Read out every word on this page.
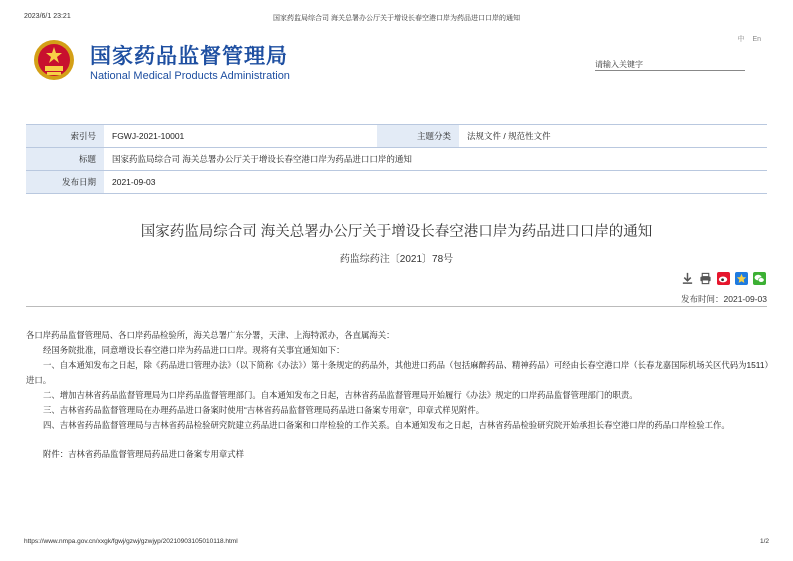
2023/6/1 23:21	国家药监局综合司 海关总署办公厅关于增设长春空港口岸为药品进口口岸的通知
国家药品监督管理局
National Medical Products Administration
中 En
请输入关键字
索引号	FGWJ-2021-10001	主题分类	法规文件 / 规范性文件
标题	国家药监局综合司 海关总署办公厅关于增设长春空港口岸为药品进口口岸的通知		
发布日期	2021-09-03		
国家药监局综合司 海关总署办公厅关于增设长春空港口岸为药品进口口岸的通知
药监综药注〔2021〕78号
发布时间：2021-09-03

各口岸药品监督管理局、各口岸药品检验所，海关总署广东分署，天津、上海特派办，各直属海关：

经国务院批准，同意增设长春空港口岸为药品进口口岸。现将有关事宜通知如下：

一、自本通知发布之日起，除《药品进口管理办法》（以下简称《办法》）第十条规定的药品外，其他进口药品（包括麻醉药品、精神药品）可经由长春空港口岸（长春龙嘉国际机场关区代码为1511）进口。

二、增加吉林省药品监督管理局为口岸药品监督管理部门。自本通知发布之日起，吉林省药品监督管理局开始履行《办法》规定的口岸药品监督管理部门的职责。

三、吉林省药品监督管理局在办理药品进口备案时使用“吉林省药品监督管理局药品进口备案专用章”，印章式样见附件。

四、吉林省药品监督管理局与吉林省药品检验研究院建立药品进口备案和口岸检验的工作关系。自本通知发布之日起，吉林省药品检验研究院开始承担长春空港口岸的药品口岸检验工作。

附件：吉林省药品监督管理局药品进口备案专用章式样

https://www.nmpa.gov.cn/xxgk/fgwj/gzwj/gzwjyp/20210903105010118.html	1/2
